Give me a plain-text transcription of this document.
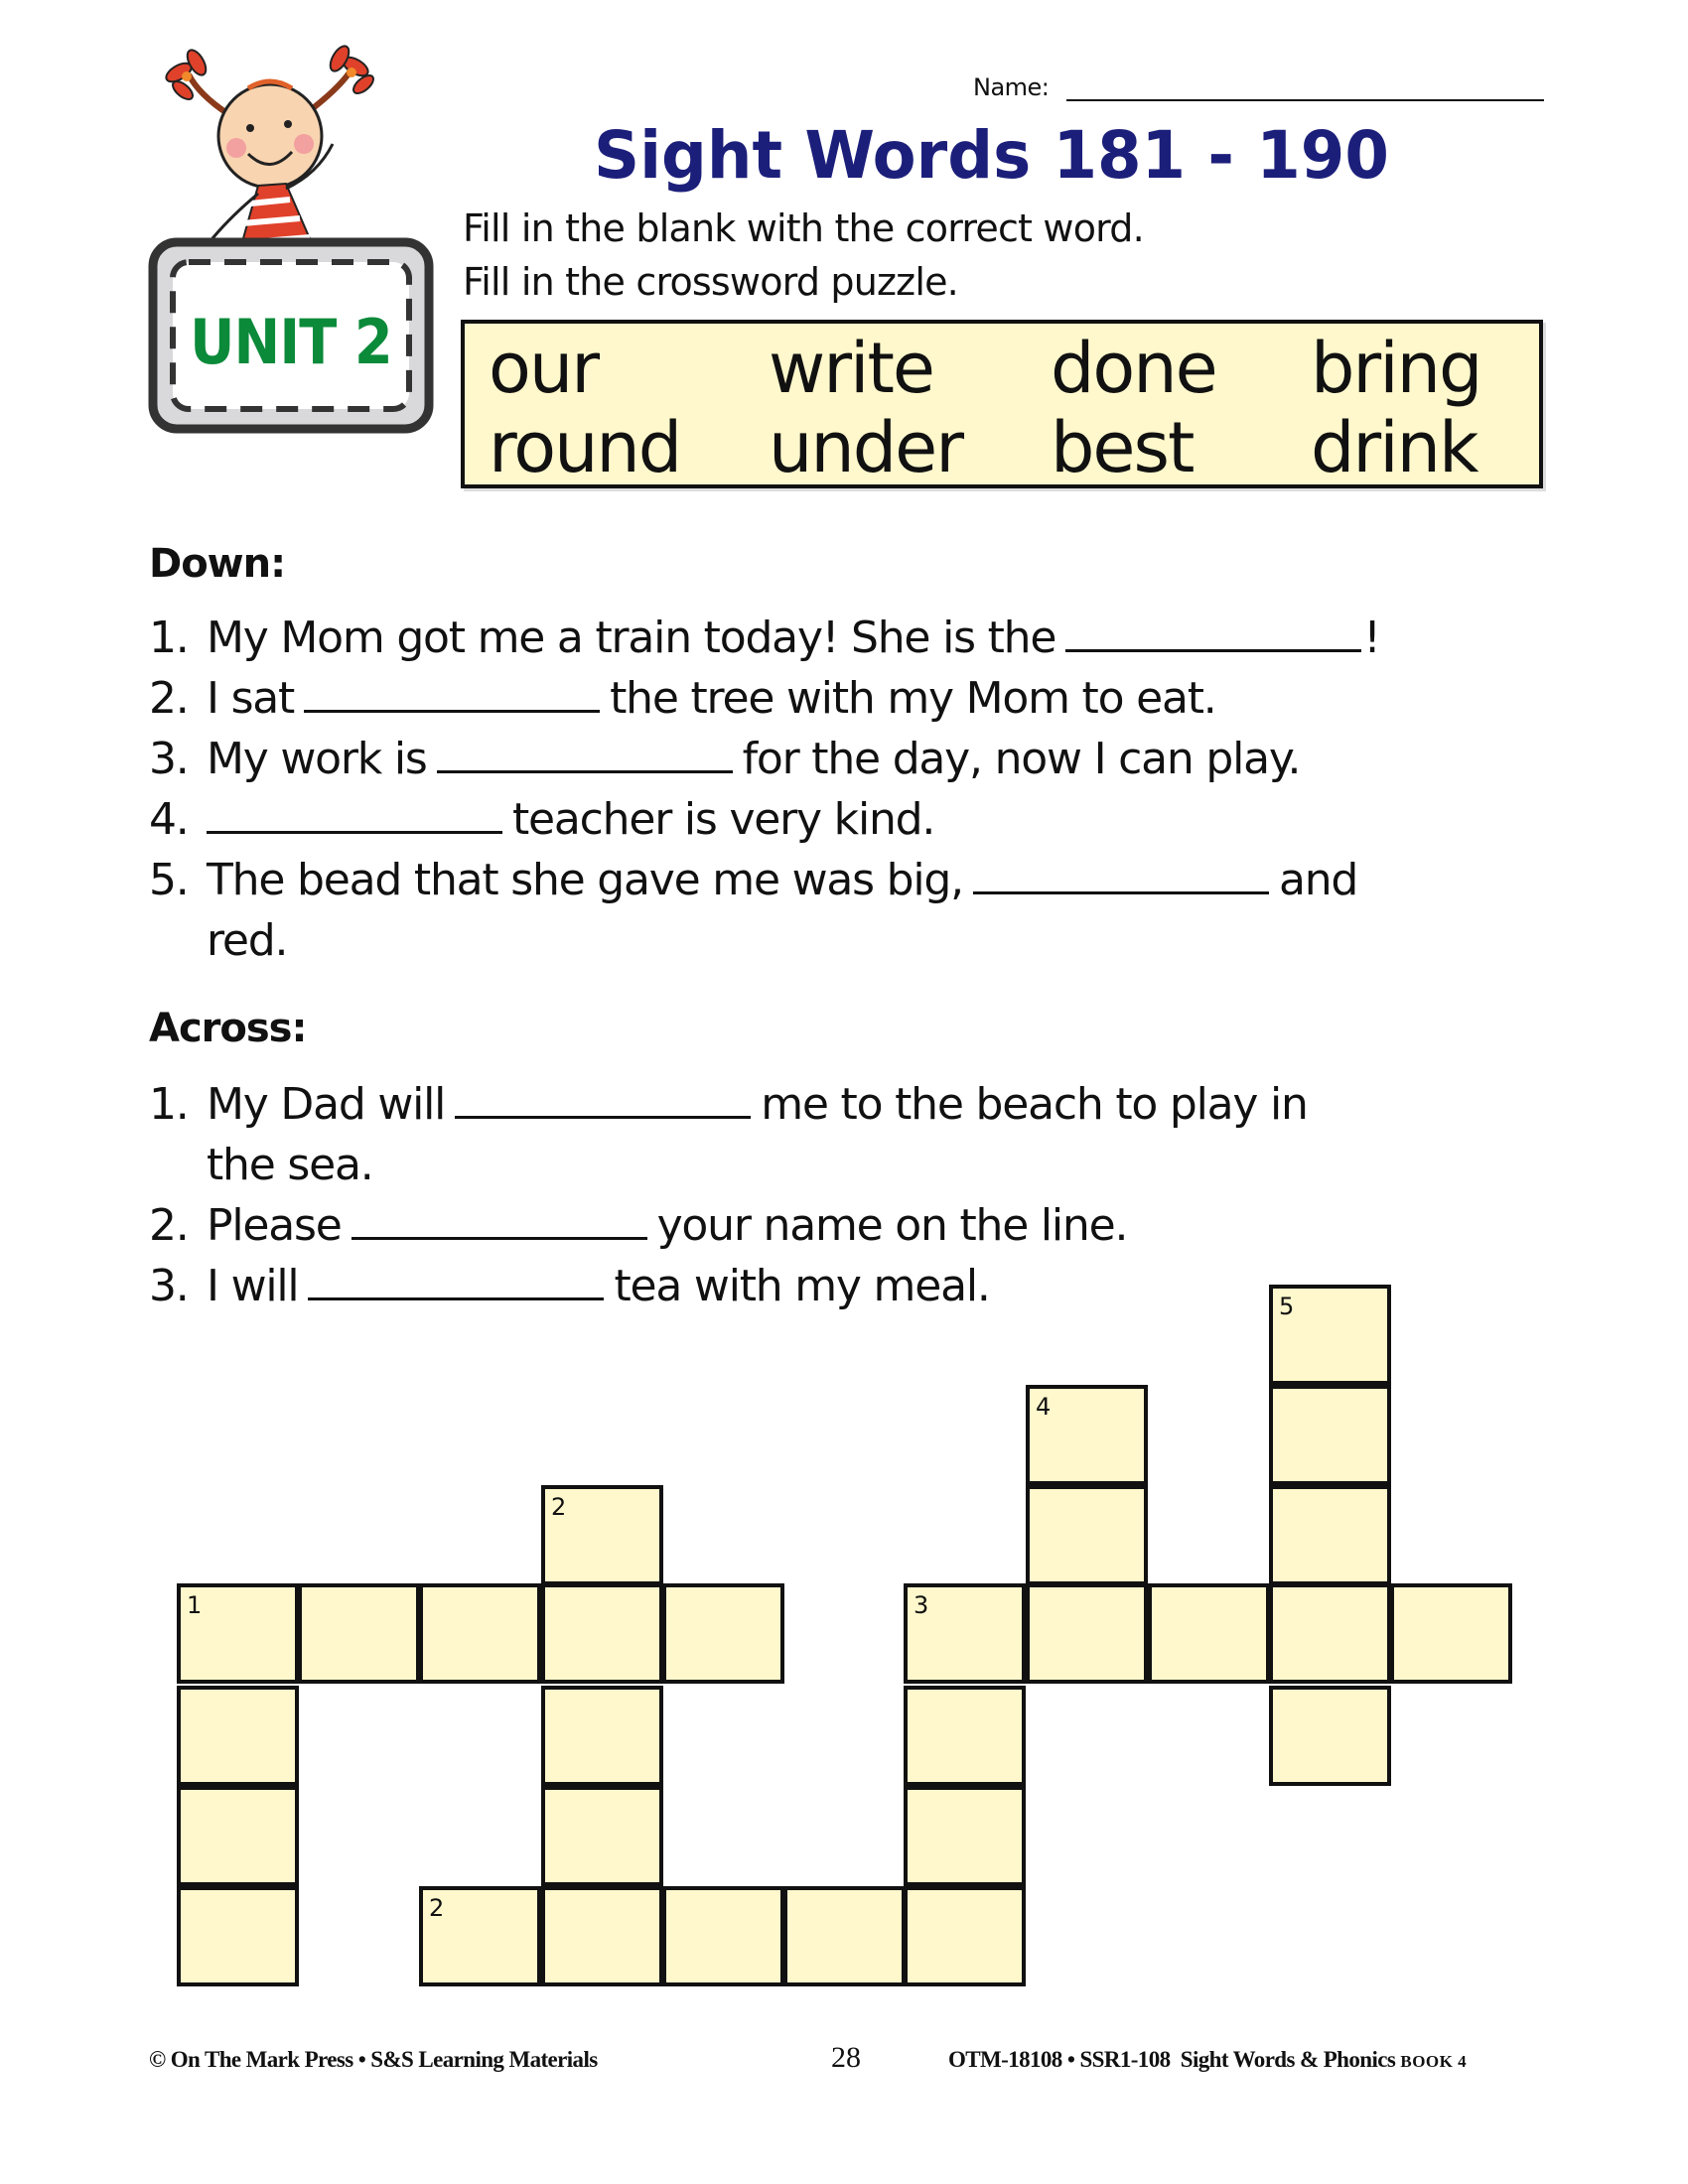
UNIT 2
Name:
Sight Words 181 - 190
Fill in the blank with the correct word.
Fill in the crossword puzzle.
our write done bring
round under best drink
Down:
1. My Mom got me a train today! She is the	!
2. I sat	the tree with my Mom to eat.
3. My work is	for the day, now I can play.
4.	teacher is very kind.
5. The bead that she gave me was big,	and
red.
Across:
1. My Dad will	me to the beach to play in
the sea.
2. Please	your name on the line.
3. I will	tea with my meal.	5
4
2
1	3
2
© On The Mark Press • S&S Learning Materials	28	OTM-18108 • SSR1-108  Sight Words & Phonics BOOK 4
